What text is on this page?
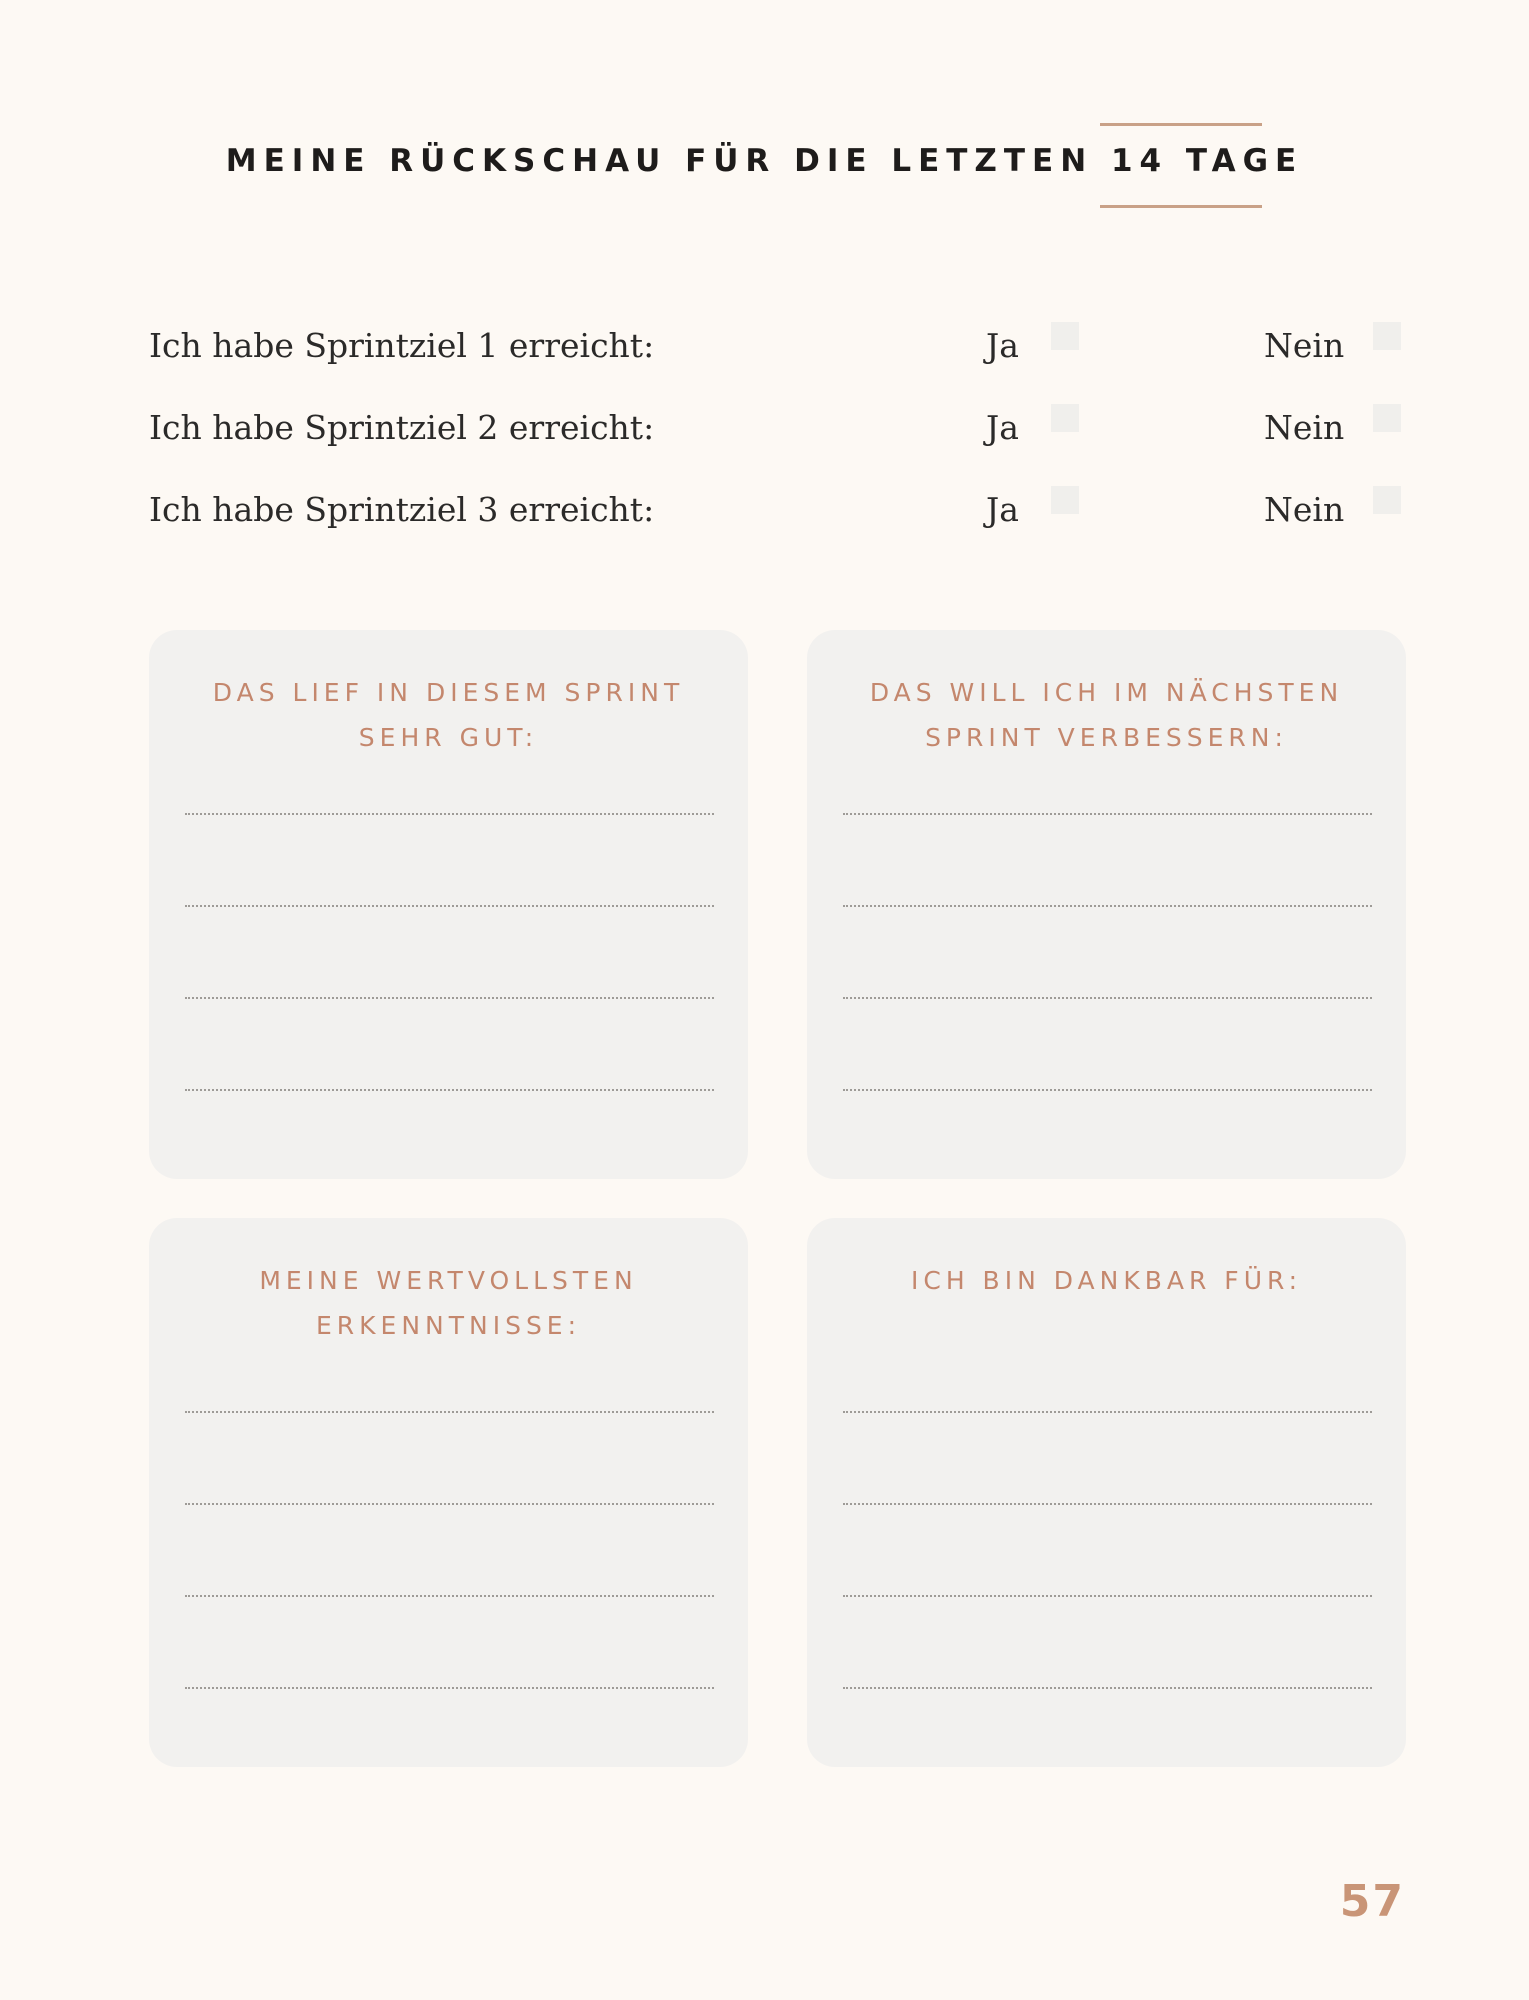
MEINE RÜCKSCHAU FÜR DIE LETZTEN 14 TAGE
Ich habe Sprintziel 1 erreicht:	Ja	Nein
Ich habe Sprintziel 2 erreicht:	Ja	Nein
Ich habe Sprintziel 3 erreicht:	Ja	Nein
DAS LIEF IN DIESEM SPRINT SEHR GUT:
DAS WILL ICH IM NÄCHSTEN SPRINT VERBESSERN:
MEINE WERTVOLLSTEN ERKENNTNISSE:
ICH BIN DANKBAR FÜR:
57
